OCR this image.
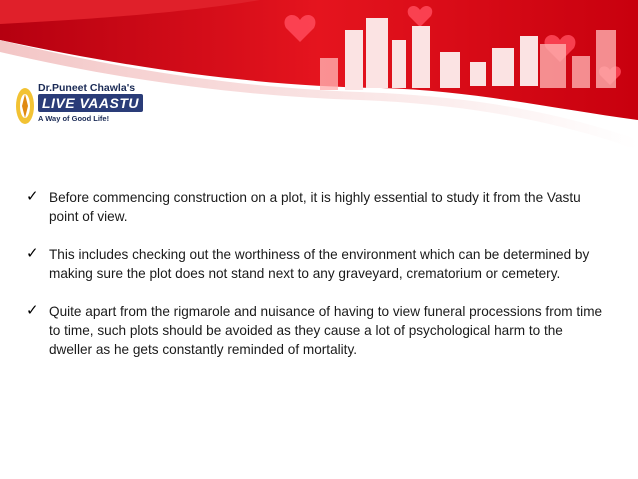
Dr.Puneet Chawla's
LIVE VAASTU
A Way of Good Life!
✓ Before commencing construction on a plot, it is highly essential to study it from the Vastu point of view.
✓ This includes checking out the worthiness of the environment which can be determined by making sure the plot does not stand next to any graveyard, crematorium or cemetery.
✓ Quite apart from the rigmarole and nuisance of having to view funeral processions from time to time, such plots should be avoided as they cause a lot of psychological harm to the dweller as he gets constantly reminded of mortality.
